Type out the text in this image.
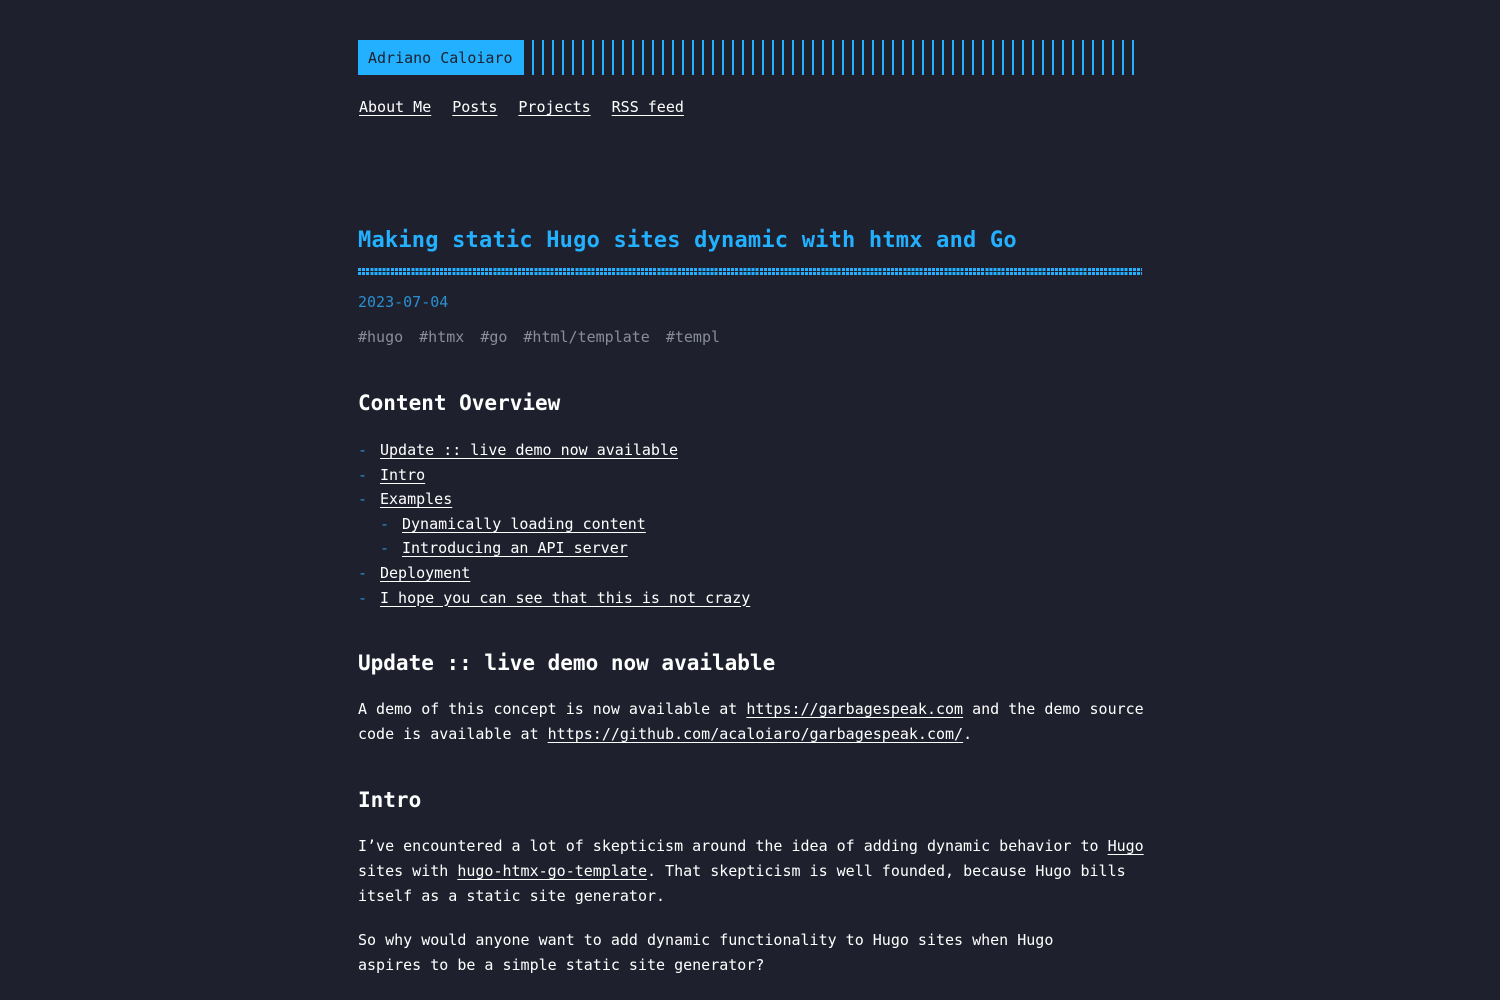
Adriano Caloiaro
About Me Posts Projects RSS feed
Making static Hugo sites dynamic with htmx and Go
2023-07-04
#hugo #htmx #go #html/template #templ
Content Overview
- Update :: live demo now available
- Intro
- Examples
- Dynamically loading content
- Introducing an API server
- Deployment
- I hope you can see that this is not crazy
Update :: live demo now available

A demo of this concept is now available at https://garbagespeak.com and the demo source code is available at https://github.com/acaloiaro/garbagespeak.com/.

Intro

I’ve encountered a lot of skepticism around the idea of adding dynamic behavior to Hugo sites with hugo-htmx-go-template. That skepticism is well founded, because Hugo bills itself as a static site generator.

So why would anyone want to add dynamic functionality to Hugo sites when Hugo aspires to be a simple static site generator?
